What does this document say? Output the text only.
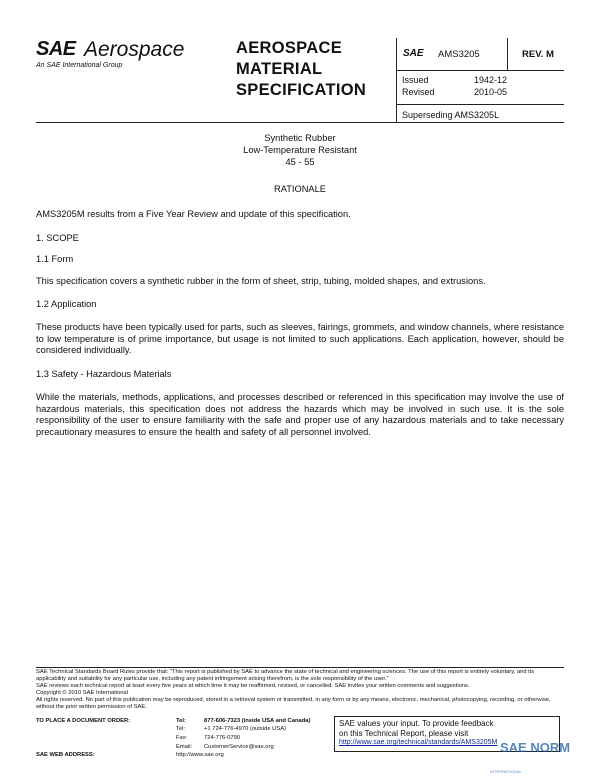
SAE Aerospace
An SAE International Group
AEROSPACE
MATERIAL
SPECIFICATION
SAE AMS3205	REV. M
Issued	1942-12
Revised	2010-05
Superseding AMS3205L
Synthetic Rubber
Low-Temperature Resistant
45 - 55
RATIONALE
AMS3205M results from a Five Year Review and update of this specification.
1. SCOPE
1.1 Form
This specification covers a synthetic rubber in the form of sheet, strip, tubing, molded shapes, and extrusions.
1.2 Application
These products have been typically used for parts, such as sleeves, fairings, grommets, and window channels, where resistance to low temperature is of prime importance, but usage is not limited to such applications. Each application, however, should be considered individually.
1.3 Safety - Hazardous Materials
While the materials, methods, applications, and processes described or referenced in this specification may involve the use of hazardous materials, this specification does not address the hazards which may be involved in such use. It is the sole responsibility of the user to ensure familiarity with the safe and proper use of any hazardous materials and to take necessary precautionary measures to ensure the health and safety of all personnel involved.
SAE Technical Standards Board Rules provide that: "This report is published by SAE to advance the state of technical and engineering sciences. The use of this report is entirely voluntary, and its applicability and suitability for any particular use, including any patent infringement arising therefrom, is the sole responsibility of the user."
SAE reviews each technical report at least every five years at which time it may be reaffirmed, revised, or cancelled. SAE invites your written comments and suggestions.
Copyright © 2010 SAE International
All rights reserved. No part of this publication may be reproduced, stored in a retrieval system or transmitted, in any form or by any means, electronic, mechanical, photocopying, recording, or otherwise, without the prior written permission of SAE.
TO PLACE A DOCUMENT ORDER:	Tel:	877-606-7323 (inside USA and Canada)
Tel:	+1 724-776-4970 (outside USA)
Fax:	724-776-0790
Email:	CustomerService@sae.org
SAE WEB ADDRESS:	http://www.sae.org
SAE values your input. To provide feedback
on this Technical Report, please visit
http://www.sae.org/technical/standards/AMS3205M SAE NORM
INTERNATIONAL
